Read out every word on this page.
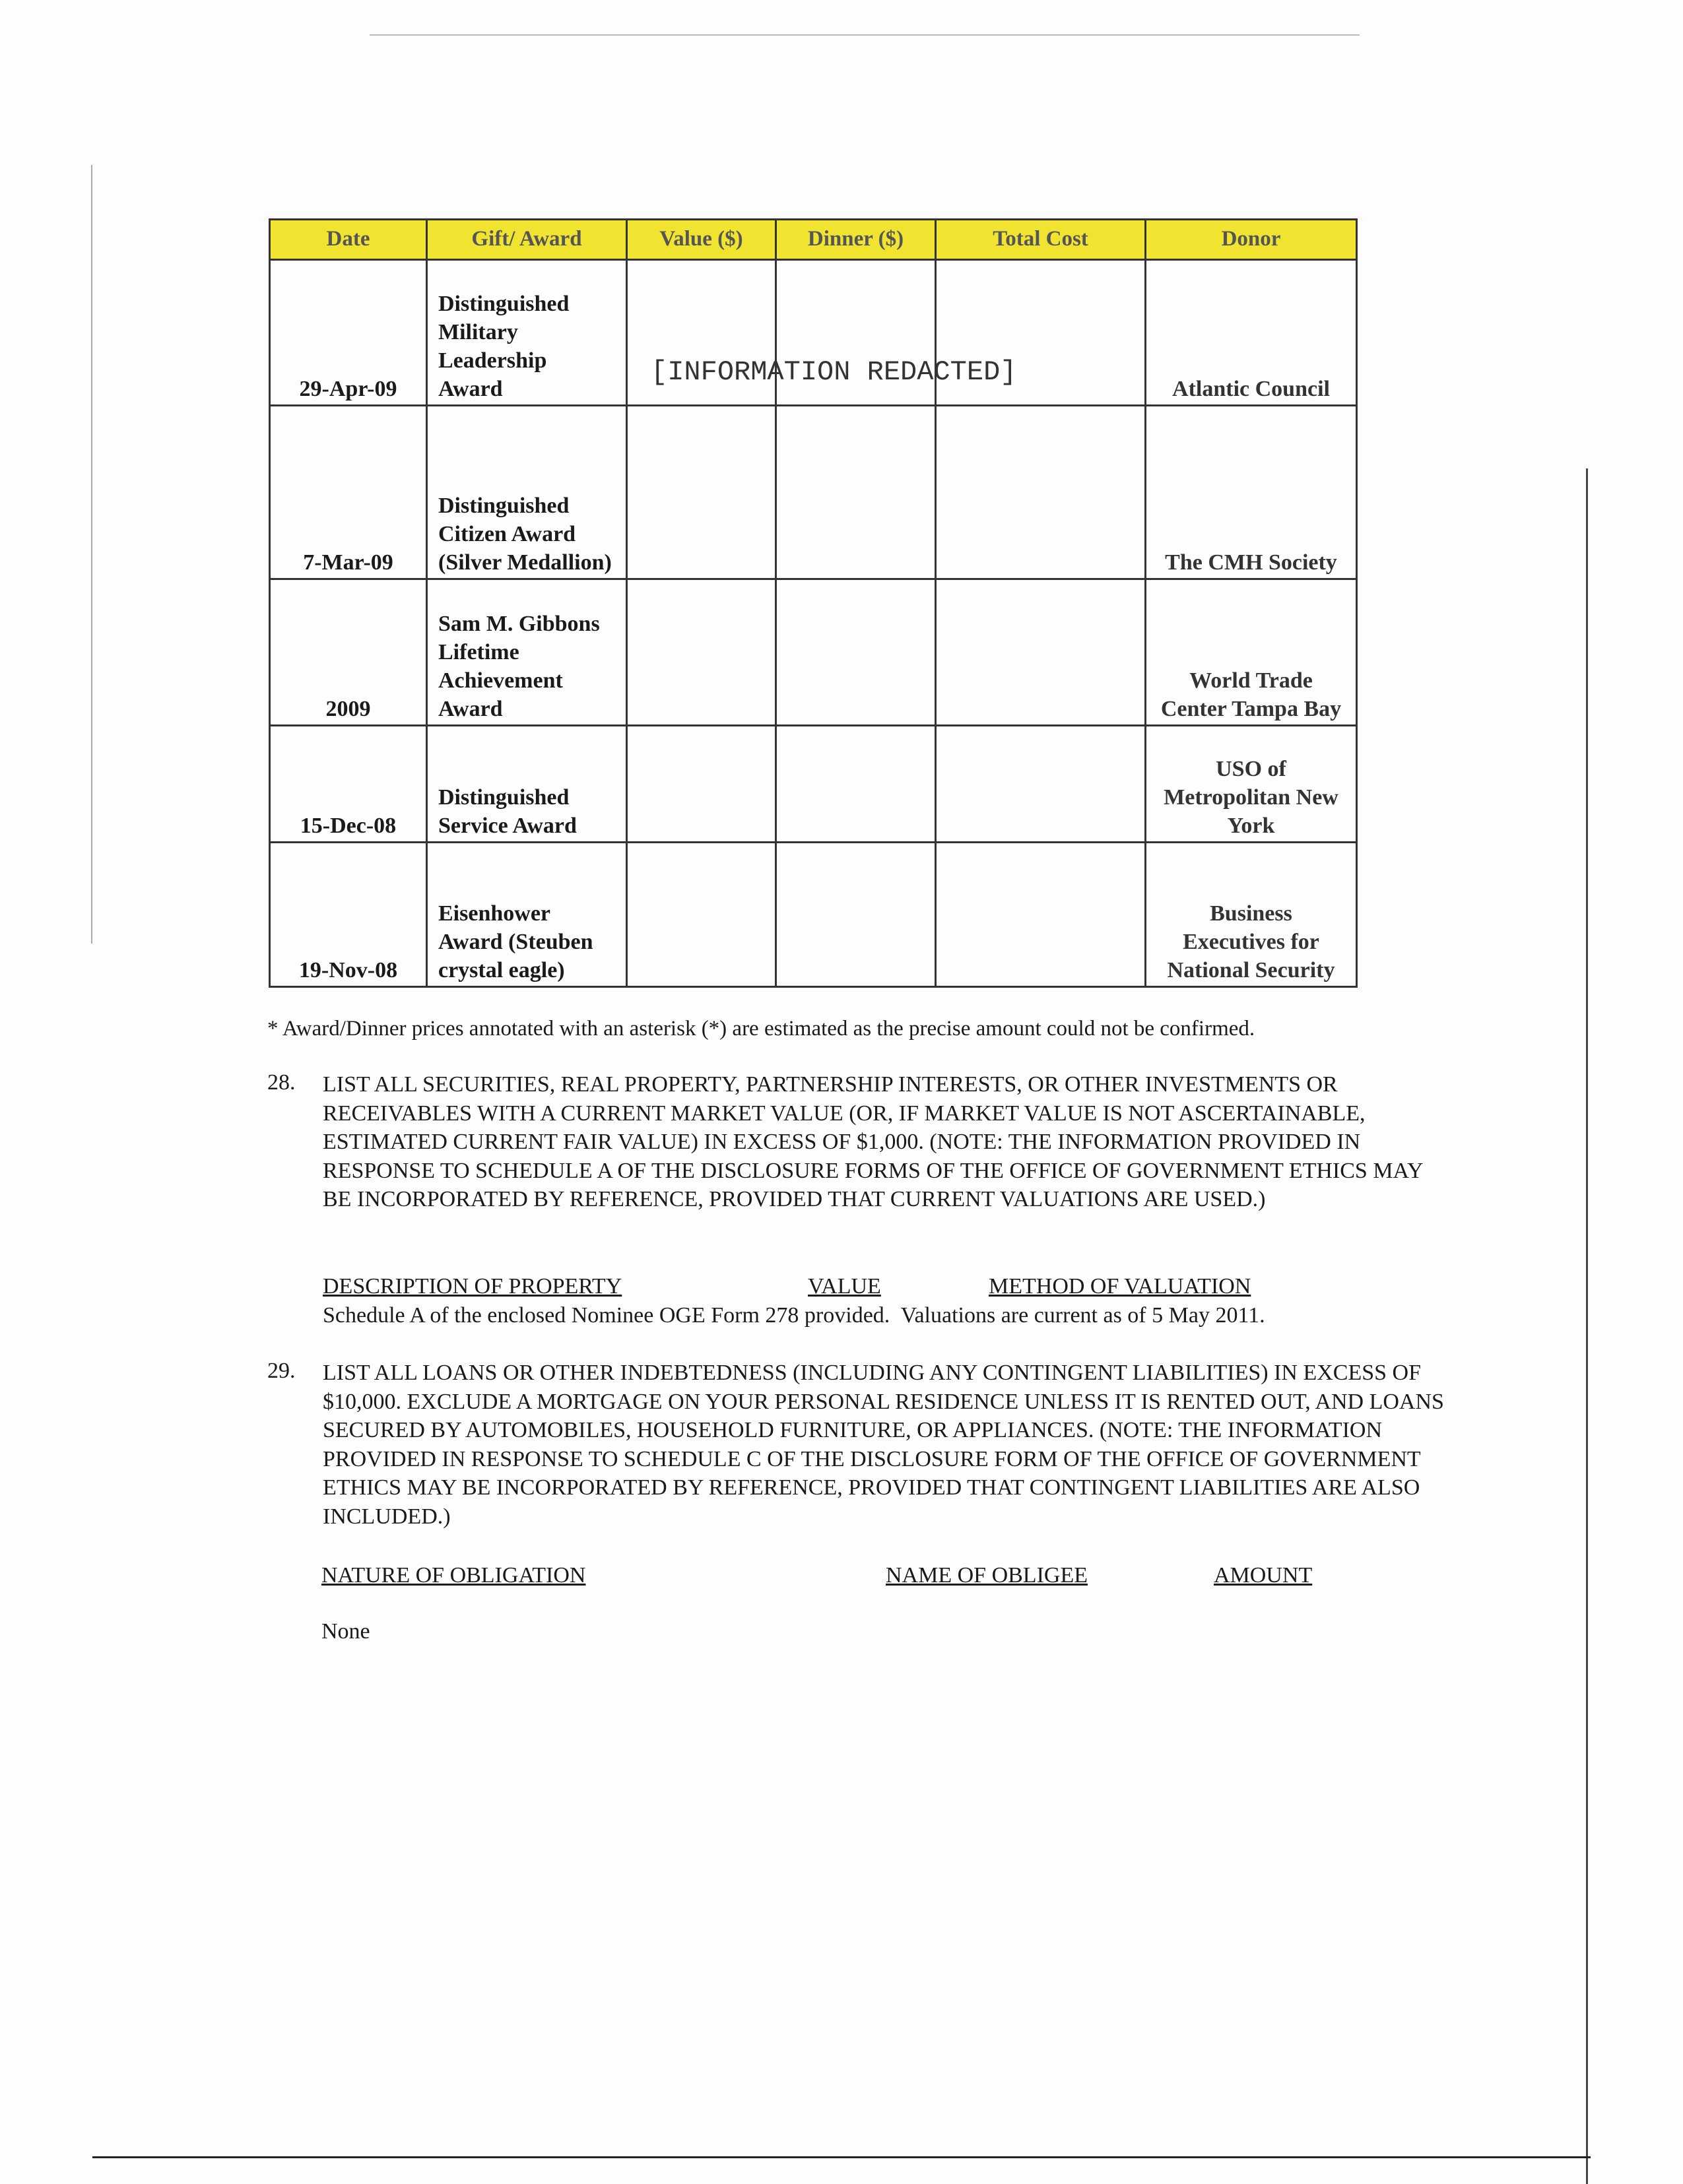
Date	Gift/ Award	Value ($)	Dinner ($)	Total Cost	Donor
29-Apr-09	Distinguished Military Leadership Award				Atlantic Council
7-Mar-09	Distinguished Citizen Award (Silver Medallion)				The CMH Society
2009	Sam M. Gibbons Lifetime Achievement Award				World Trade Center Tampa Bay
15-Dec-08	Distinguished Service Award				USO of Metropolitan New York
19-Nov-08	Eisenhower Award (Steuben crystal eagle)				Business Executives for National Security
[INFORMATION REDACTED]
* Award/Dinner prices annotated with an asterisk (*) are estimated as the precise amount could not be confirmed.
28. LIST ALL SECURITIES, REAL PROPERTY, PARTNERSHIP INTERESTS, OR OTHER INVESTMENTS OR RECEIVABLES WITH A CURRENT MARKET VALUE (OR, IF MARKET VALUE IS NOT ASCERTAINABLE, ESTIMATED CURRENT FAIR VALUE) IN EXCESS OF $1,000. (NOTE: THE INFORMATION PROVIDED IN RESPONSE TO SCHEDULE A OF THE DISCLOSURE FORMS OF THE OFFICE OF GOVERNMENT ETHICS MAY BE INCORPORATED BY REFERENCE, PROVIDED THAT CURRENT VALUATIONS ARE USED.)
DESCRIPTION OF PROPERTY	VALUE	METHOD OF VALUATION
Schedule A of the enclosed Nominee OGE Form 278 provided.  Valuations are current as of 5 May 2011.
29. LIST ALL LOANS OR OTHER INDEBTEDNESS (INCLUDING ANY CONTINGENT LIABILITIES) IN EXCESS OF $10,000. EXCLUDE A MORTGAGE ON YOUR PERSONAL RESIDENCE UNLESS IT IS RENTED OUT, AND LOANS SECURED BY AUTOMOBILES, HOUSEHOLD FURNITURE, OR APPLIANCES. (NOTE: THE INFORMATION PROVIDED IN RESPONSE TO SCHEDULE C OF THE DISCLOSURE FORM OF THE OFFICE OF GOVERNMENT ETHICS MAY BE INCORPORATED BY REFERENCE, PROVIDED THAT CONTINGENT LIABILITIES ARE ALSO INCLUDED.)
NATURE OF OBLIGATION	NAME OF OBLIGEE	AMOUNT
None
